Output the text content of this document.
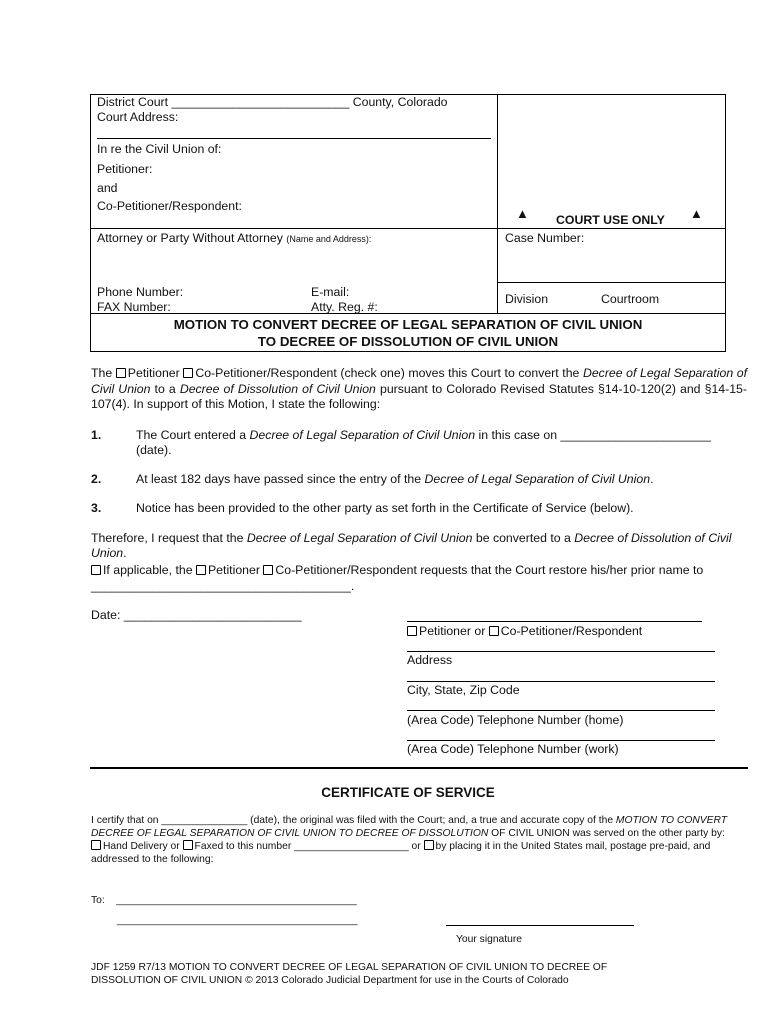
District Court __________________________ County, Colorado
Court Address:
In re the Civil Union of:
Petitioner:
and
Co-Petitioner/Respondent:	▲ COURT USE ONLY ▲
Attorney or Party Without Attorney (Name and Address):	Case Number:
Phone Number:	E-mail:
FAX Number:	Atty. Reg. #:
Division	Courtroom
MOTION TO CONVERT DECREE OF LEGAL SEPARATION OF CIVIL UNION
TO DECREE OF DISSOLUTION OF CIVIL UNION
The Petitioner Co-Petitioner/Respondent (check one) moves this Court to convert the Decree of Legal Separation of Civil Union to a Decree of Dissolution of Civil Union pursuant to Colorado Revised Statutes §14-10-120(2) and §14-15-107(4). In support of this Motion, I state the following:
1.	The Court entered a Decree of Legal Separation of Civil Union in this case on ______________________ (date).
2.	At least 182 days have passed since the entry of the Decree of Legal Separation of Civil Union.
3.	Notice has been provided to the other party as set forth in the Certificate of Service (below).
Therefore, I request that the Decree of Legal Separation of Civil Union be converted to a Decree of Dissolution of Civil Union.
If applicable, the Petitioner Co-Petitioner/Respondent requests that the Court restore his/her prior name to
______________________________________.
Date: __________________________
Petitioner or Co-Petitioner/Respondent
Address
City, State, Zip Code
(Area Code) Telephone Number (home)
(Area Code) Telephone Number (work)
CERTIFICATE OF SERVICE
I certify that on _______________ (date), the original was filed with the Court; and, a true and accurate copy of the MOTION TO CONVERT DECREE OF LEGAL SEPARATION OF CIVIL UNION TO DECREE OF DISSOLUTION OF CIVIL UNION was served on the other party by:
Hand Delivery or Faxed to this number ____________________ or by placing it in the United States mail, postage pre-paid, and addressed to the following:
To: __________________________________________
__________________________________________
Your signature
JDF 1259 R7/13 MOTION TO CONVERT DECREE OF LEGAL SEPARATION OF CIVIL UNION TO DECREE OF
DISSOLUTION OF CIVIL UNION © 2013 Colorado Judicial Department for use in the Courts of Colorado
